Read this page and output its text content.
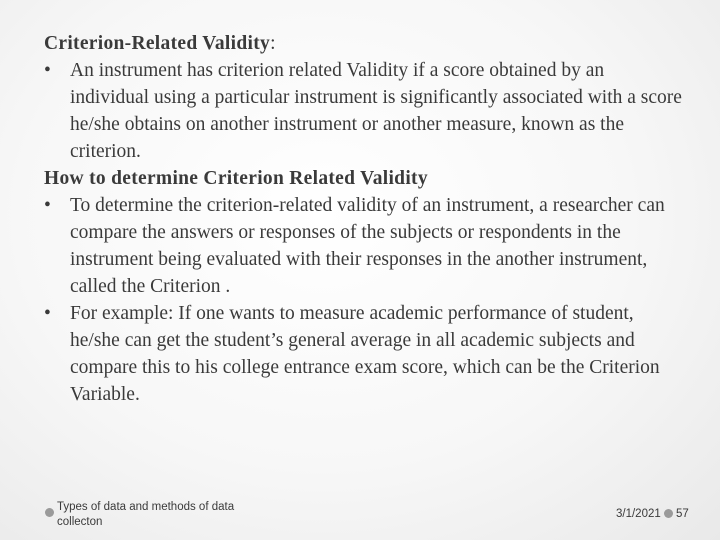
Criterion-Related Validity:
• An instrument has criterion related Validity if a score obtained by an individual using a particular instrument is significantly associated with a score he/she obtains on another instrument or another measure, known as the criterion.
How to determine Criterion Related Validity
• To determine the criterion-related validity of an instrument, a researcher can compare the answers or responses of the subjects or respondents in the instrument being evaluated with their responses in the another instrument, called the Criterion .
• For example: If one wants to measure academic performance of student, he/she can get the student’s general average in all academic subjects and compare this to his college entrance exam score, which can be the Criterion Variable.
Types of data and methods of data collecton
3/1/2021 57
